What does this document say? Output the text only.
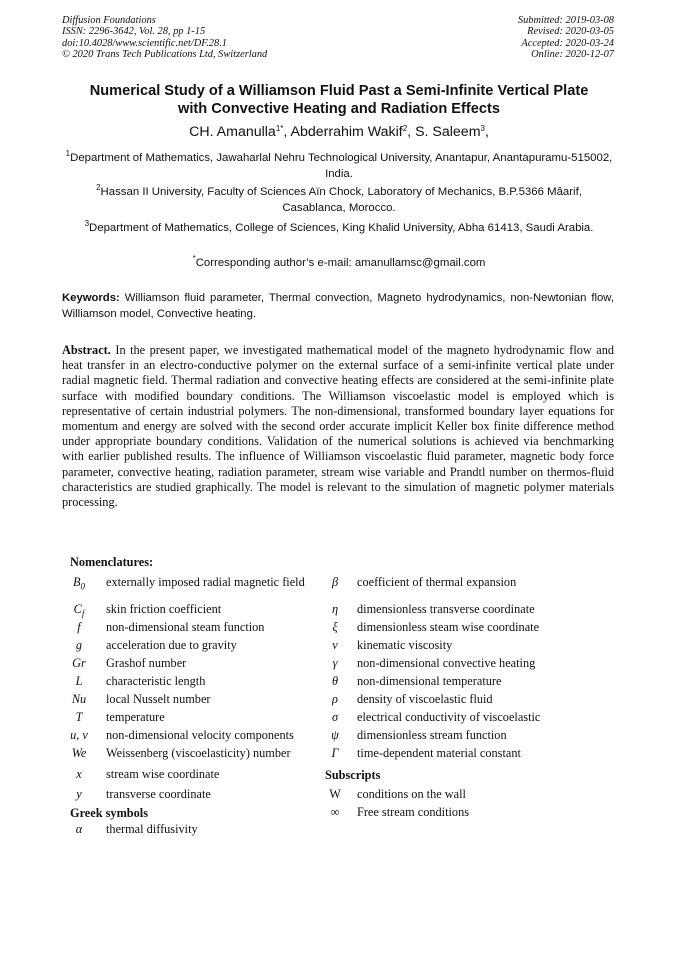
Diffusion Foundations
ISSN: 2296-3642, Vol. 28, pp 1-15
doi:10.4028/www.scientific.net/DF.28.1
© 2020 Trans Tech Publications Ltd, Switzerland
Submitted: 2019-03-08
Revised: 2020-03-05
Accepted: 2020-03-24
Online: 2020-12-07
Numerical Study of a Williamson Fluid Past a Semi-Infinite Vertical Plate
with Convective Heating and Radiation Effects
CH. Amanulla$^{1*}$, Abderrahim Wakif$^2$, S. Saleem$^3$,
$^1$Department of Mathematics, Jawaharlal Nehru Technological University, Anantapur, Anantapuramu-515002, India.
$^2$Hassan II University, Faculty of Sciences Aïn Chock, Laboratory of Mechanics, B.P.5366 Mâarif, Casablanca, Morocco.
$^3$Department of Mathematics, College of Sciences, King Khalid University, Abha 61413, Saudi Arabia.
*Corresponding author’s e-mail: amanullamsc@gmail.com
Keywords: Williamson fluid parameter, Thermal convection, Magneto hydrodynamics, non-Newtonian flow, Williamson model, Convective heating.
Abstract. In the present paper, we investigated mathematical model of the magneto hydrodynamic flow and heat transfer in an electro-conductive polymer on the external surface of a semi-infinite vertical plate under radial magnetic field. Thermal radiation and convective heating effects are considered at the semi-infinite plate surface with modified boundary conditions. The Williamson viscoelastic model is employed which is representative of certain industrial polymers. The non-dimensional, transformed boundary layer equations for momentum and energy are solved with the second order accurate implicit Keller box finite difference method under appropriate boundary conditions. Validation of the numerical solutions is achieved via benchmarking with earlier published results. The influence of Williamson viscoelastic fluid parameter, magnetic body force parameter, convective heating, radiation parameter, stream wise variable and Prandtl number on thermos-fluid characteristics are studied graphically. The model is relevant to the simulation of magnetic polymer materials processing.
Nomenclatures:
$B_0$	externally imposed radial magnetic field
$C_f$	skin friction coefficient
f	non-dimensional steam function
g	acceleration due to gravity
Gr	Grashof number
L	characteristic length
Nu	local Nusselt number
T	temperature
u, v	non-dimensional velocity components
We	Weissenberg (viscoelasticity) number
x	stream wise coordinate
y	transverse coordinate
Greek symbols
α	thermal diffusivity
β	coefficient of thermal expansion
η	dimensionless transverse coordinate
ξ	dimensionless steam wise coordinate
ν	kinematic viscosity
γ	non-dimensional convective heating
θ	non-dimensional temperature
ρ	density of viscoelastic fluid
σ	electrical conductivity of viscoelastic
ψ	dimensionless stream function
Γ	time-dependent material constant
Subscripts
W	conditions on the wall
∞	Free stream conditions
